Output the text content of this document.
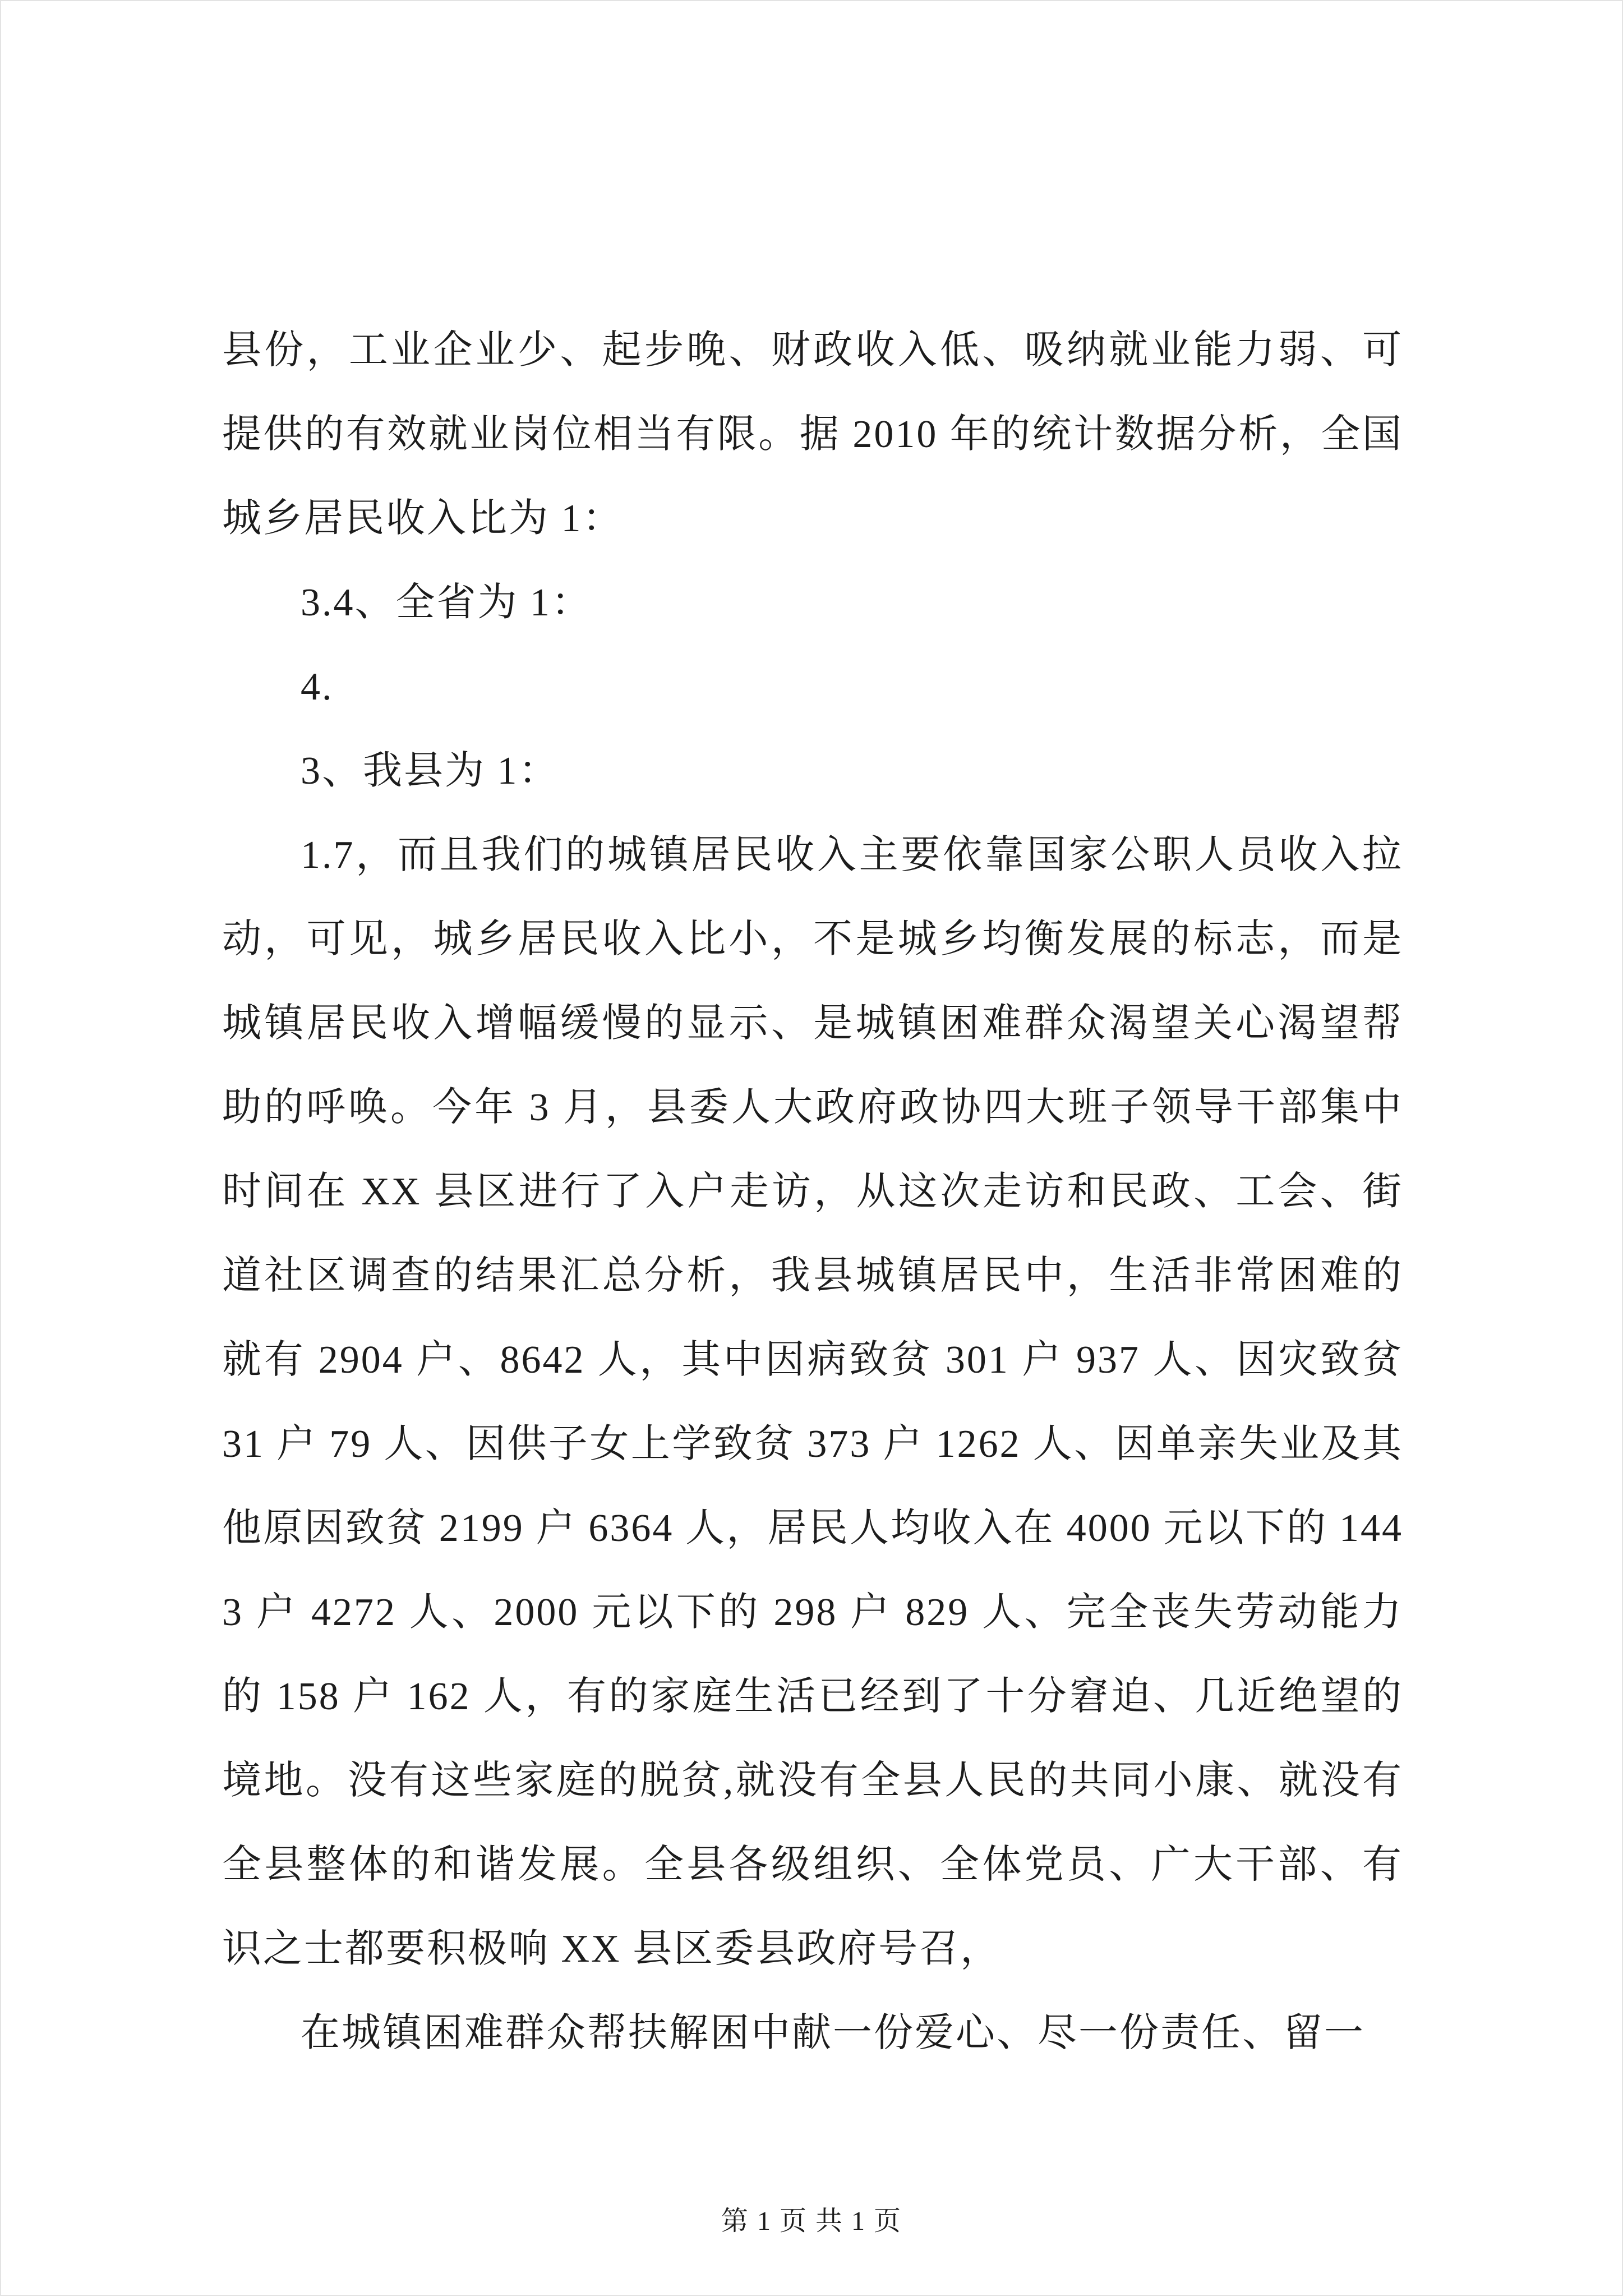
县份，工业企业少、起步晚、财政收入低、吸纳就业能力弱、可提供的有效就业岗位相当有限。据 2010 年的统计数据分析，全国城乡居民收入比为 1：

3.4、全省为 1：

4.

3、我县为 1：

1.7，而且我们的城镇居民收入主要依靠国家公职人员收入拉动，可见，城乡居民收入比小，不是城乡均衡发展的标志，而是城镇居民收入增幅缓慢的显示、是城镇困难群众渴望关心渴望帮助的呼唤。今年 3 月，县委人大政府政协四大班子领导干部集中时间在 XX 县区进行了入户走访，从这次走访和民政、工会、街道社区调查的结果汇总分析，我县城镇居民中，生活非常困难的就有 2904 户、8642 人，其中因病致贫 301 户 937 人、因灾致贫 31 户 79 人、因供子女上学致贫 373 户 1262 人、因单亲失业及其他原因致贫 2199 户 6364 人，居民人均收入在 4000 元以下的 1443 户 4272 人、2000 元以下的 298 户 829 人、完全丧失劳动能力的 158 户 162 人，有的家庭生活已经到了十分窘迫、几近绝望的境地。没有这些家庭的脱贫,就没有全县人民的共同小康、就没有全县整体的和谐发展。全县各级组织、全体党员、广大干部、有识之士都要积极响 XX 县区委县政府号召，

在城镇困难群众帮扶解困中献一份爱心、尽一份责任、留一

第 1 页 共 1 页
